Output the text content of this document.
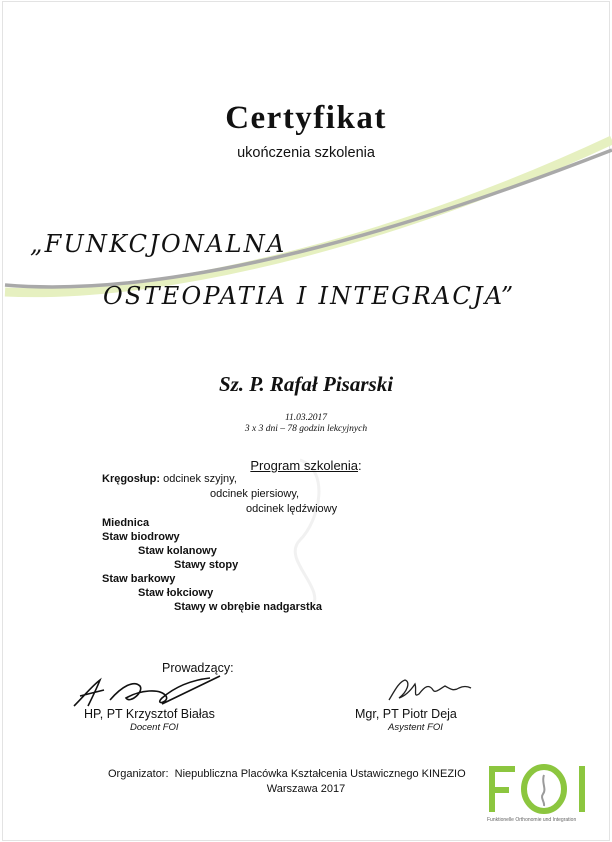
Certyfikat
ukończenia szkolenia
„FUNKCJONALNA
OSTEOPATIA I INTEGRACJA”
Sz. P. Rafał Pisarski
11.03.2017
3 x 3 dni – 78 godzin lekcyjnych
Program szkolenia:
Kręgosłup: odcinek szyjny,
odcinek piersiowy,
odcinek lędźwiowy
Miednica
Staw biodrowy
Staw kolanowy
Stawy stopy
Staw barkowy
Staw łokciowy
Stawy w obrębie nadgarstka
Prowadzący:
HP, PT Krzysztof Białas
Docent FOI
Mgr, PT Piotr Deja
Asystent FOI
Organizator: Niepubliczna Placówka Kształcenia Ustawicznego KINEZIO
Warszawa 2017
Funktionelle Orthonomie und Integration
